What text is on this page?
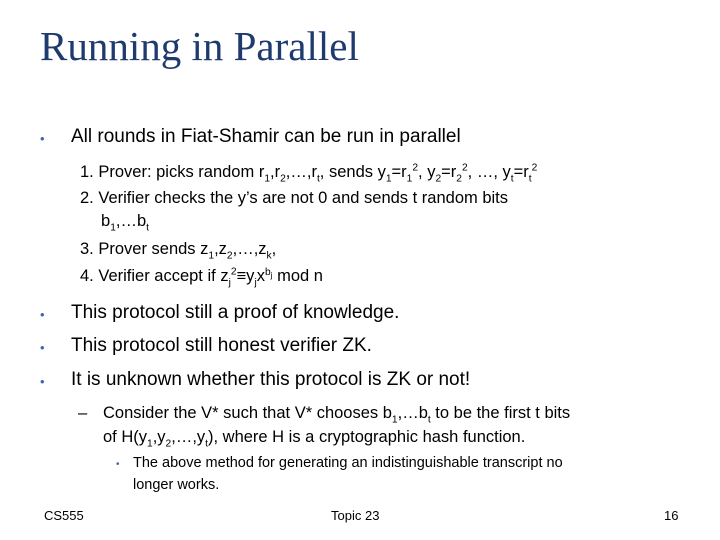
Running in Parallel
• All rounds in Fiat-Shamir can be run in parallel
1. Prover: picks random $r_1,r_2,\dots,r_t$, sends $y_1=r_1^2$, $y_2=r_2^2$, …, $y_t=r_t^2$
2. Verifier checks the y’s are not 0 and sends t random bits
$b_1,\dots b_t$
3. Prover sends $z_1,z_2,\dots,z_k$,
4. Verifier accept if $z_j^2\equiv y_jx^{b_j}$ mod n
• This protocol still a proof of knowledge.
• This protocol still honest verifier ZK.
• It is unknown whether this protocol is ZK or not!
– Consider the V* such that V* chooses $b_1,\dots b_t$ to be the first t bits
of $H(y_1,y_2,\dots,y_t)$, where H is a cryptographic hash function.
• The above method for generating an indistinguishable transcript no
longer works.
CS555	Topic 23	16
